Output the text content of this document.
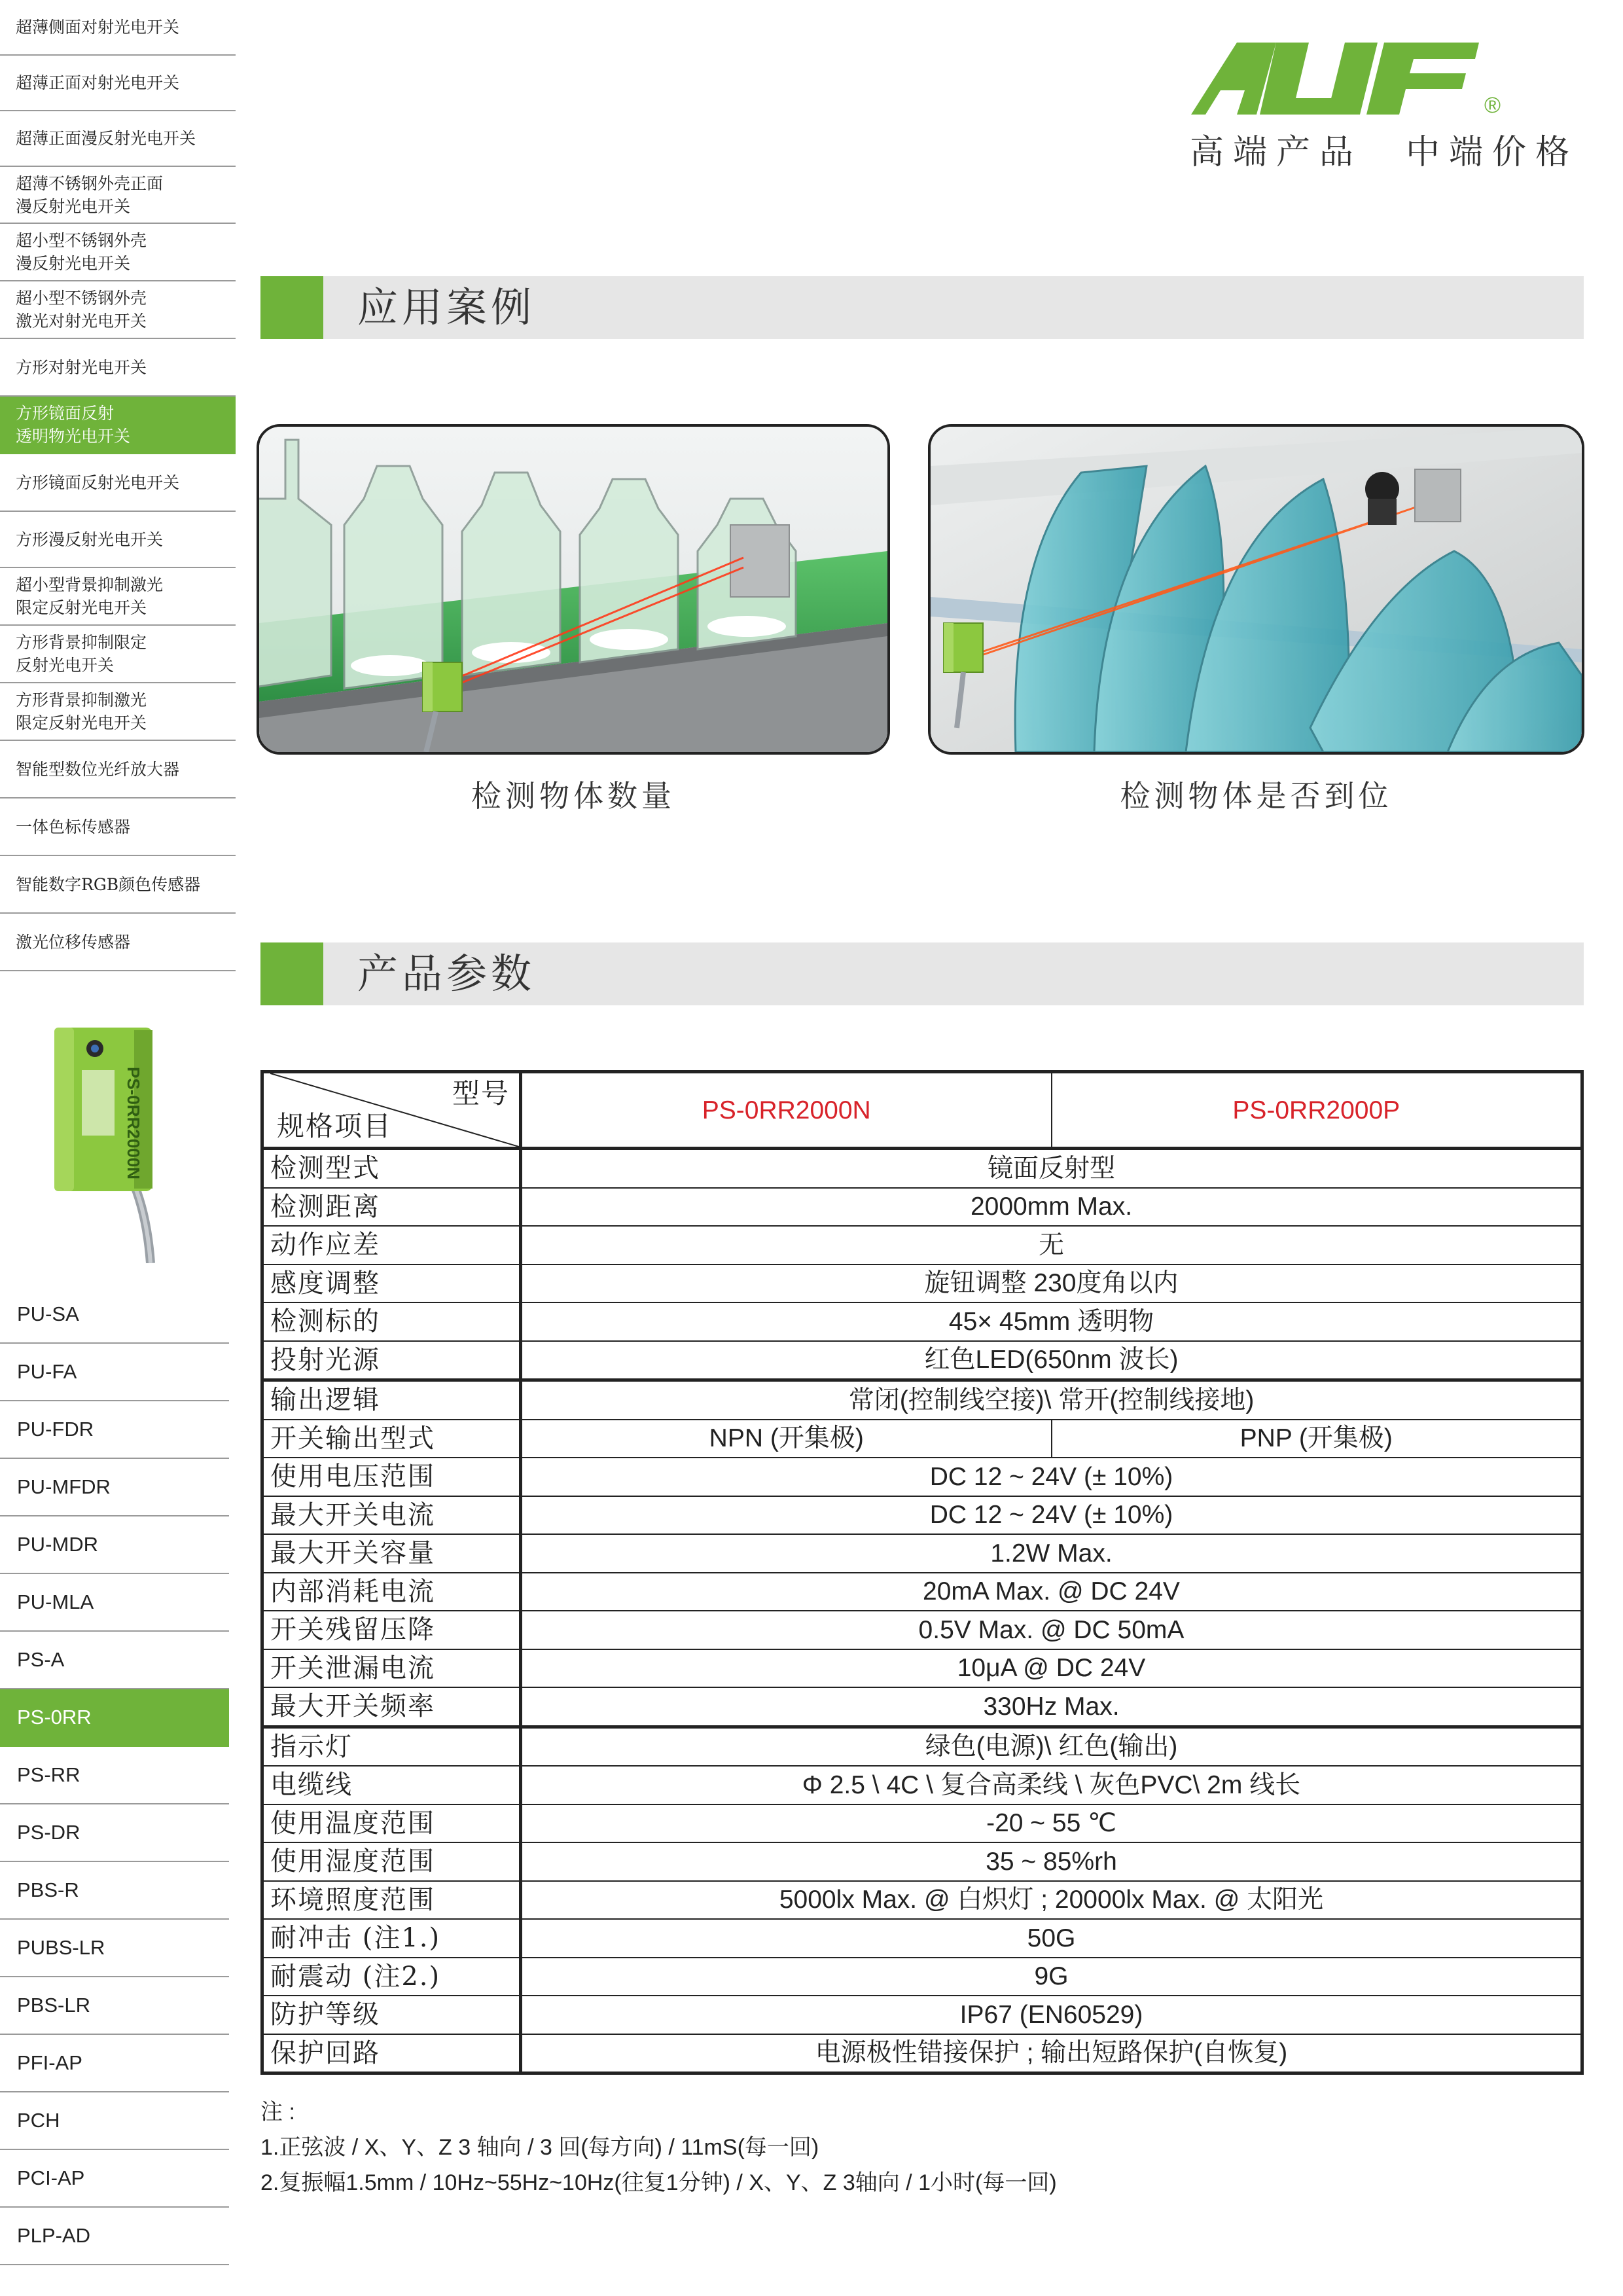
超薄侧面对射光电开关
超薄正面对射光电开关
超薄正面漫反射光电开关
超薄不锈钢外壳正面
漫反射光电开关
超小型不锈钢外壳
漫反射光电开关
超小型不锈钢外壳
激光对射光电开关
方形对射光电开关
方形镜面反射
透明物光电开关
方形镜面反射光电开关
方形漫反射光电开关
超小型背景抑制激光
限定反射光电开关
方形背景抑制限定
反射光电开关
方形背景抑制激光
限定反射光电开关
智能型数位光纤放大器
一体色标传感器
智能数字RGB颜色传感器
激光位移传感器
PS-0RR2000N
PU-SA
PU-FA
PU-FDR
PU-MFDR
PU-MDR
PU-MLA
PS-A
PS-0RR
PS-RR
PS-DR
PBS-R
PUBS-LR
PBS-LR
PFI-AP
PCH
PCI-AP
PLP-AD
®
高端产品　中端价格
应用案例
检测物体数量	检测物体是否到位
产品参数
型号
规格项目	PS-0RR2000N	PS-0RR2000P
检测型式	镜面反射型	
检测距离	2000mm Max.	
动作应差	无	
感度调整	旋钮调整 230度角以内	
检测标的	45× 45mm 透明物	
投射光源	红色LED(650nm 波长)	
输出逻辑	常闭(控制线空接)\ 常开(控制线接地)	
开关输出型式	NPN (开集极)	PNP (开集极)
使用电压范围	DC 12 ~ 24V (± 10%)	
最大开关电流	DC 12 ~ 24V (± 10%)	
最大开关容量	1.2W Max.	
内部消耗电流	20mA Max. @ DC 24V	
开关残留压降	0.5V Max. @ DC 50mA	
开关泄漏电流	10μA @ DC 24V	
最大开关频率	330Hz Max.	
指示灯	绿色(电源)\ 红色(输出)	
电缆线	Φ 2.5 \ 4C \ 复合高柔线 \ 灰色PVC\ 2m 线长	
使用温度范围	-20 ~ 55 ℃	
使用湿度范围	35 ~ 85%rh	
环境照度范围	5000lx Max. @ 白炽灯 ; 20000lx Max. @ 太阳光	
耐冲击 (注1.)	50G	
耐震动 (注2.)	9G	
防护等级	IP67 (EN60529)	
保护回路	电源极性错接保护 ; 输出短路保护(自恢复)	
注 :
1.正弦波 / X、Y、Z 3 轴向 / 3 回(每方向) / 11mS(每一回)
2.复振幅1.5mm / 10Hz~55Hz~10Hz(往复1分钟) / X、Y、Z 3轴向 / 1小时(每一回)
